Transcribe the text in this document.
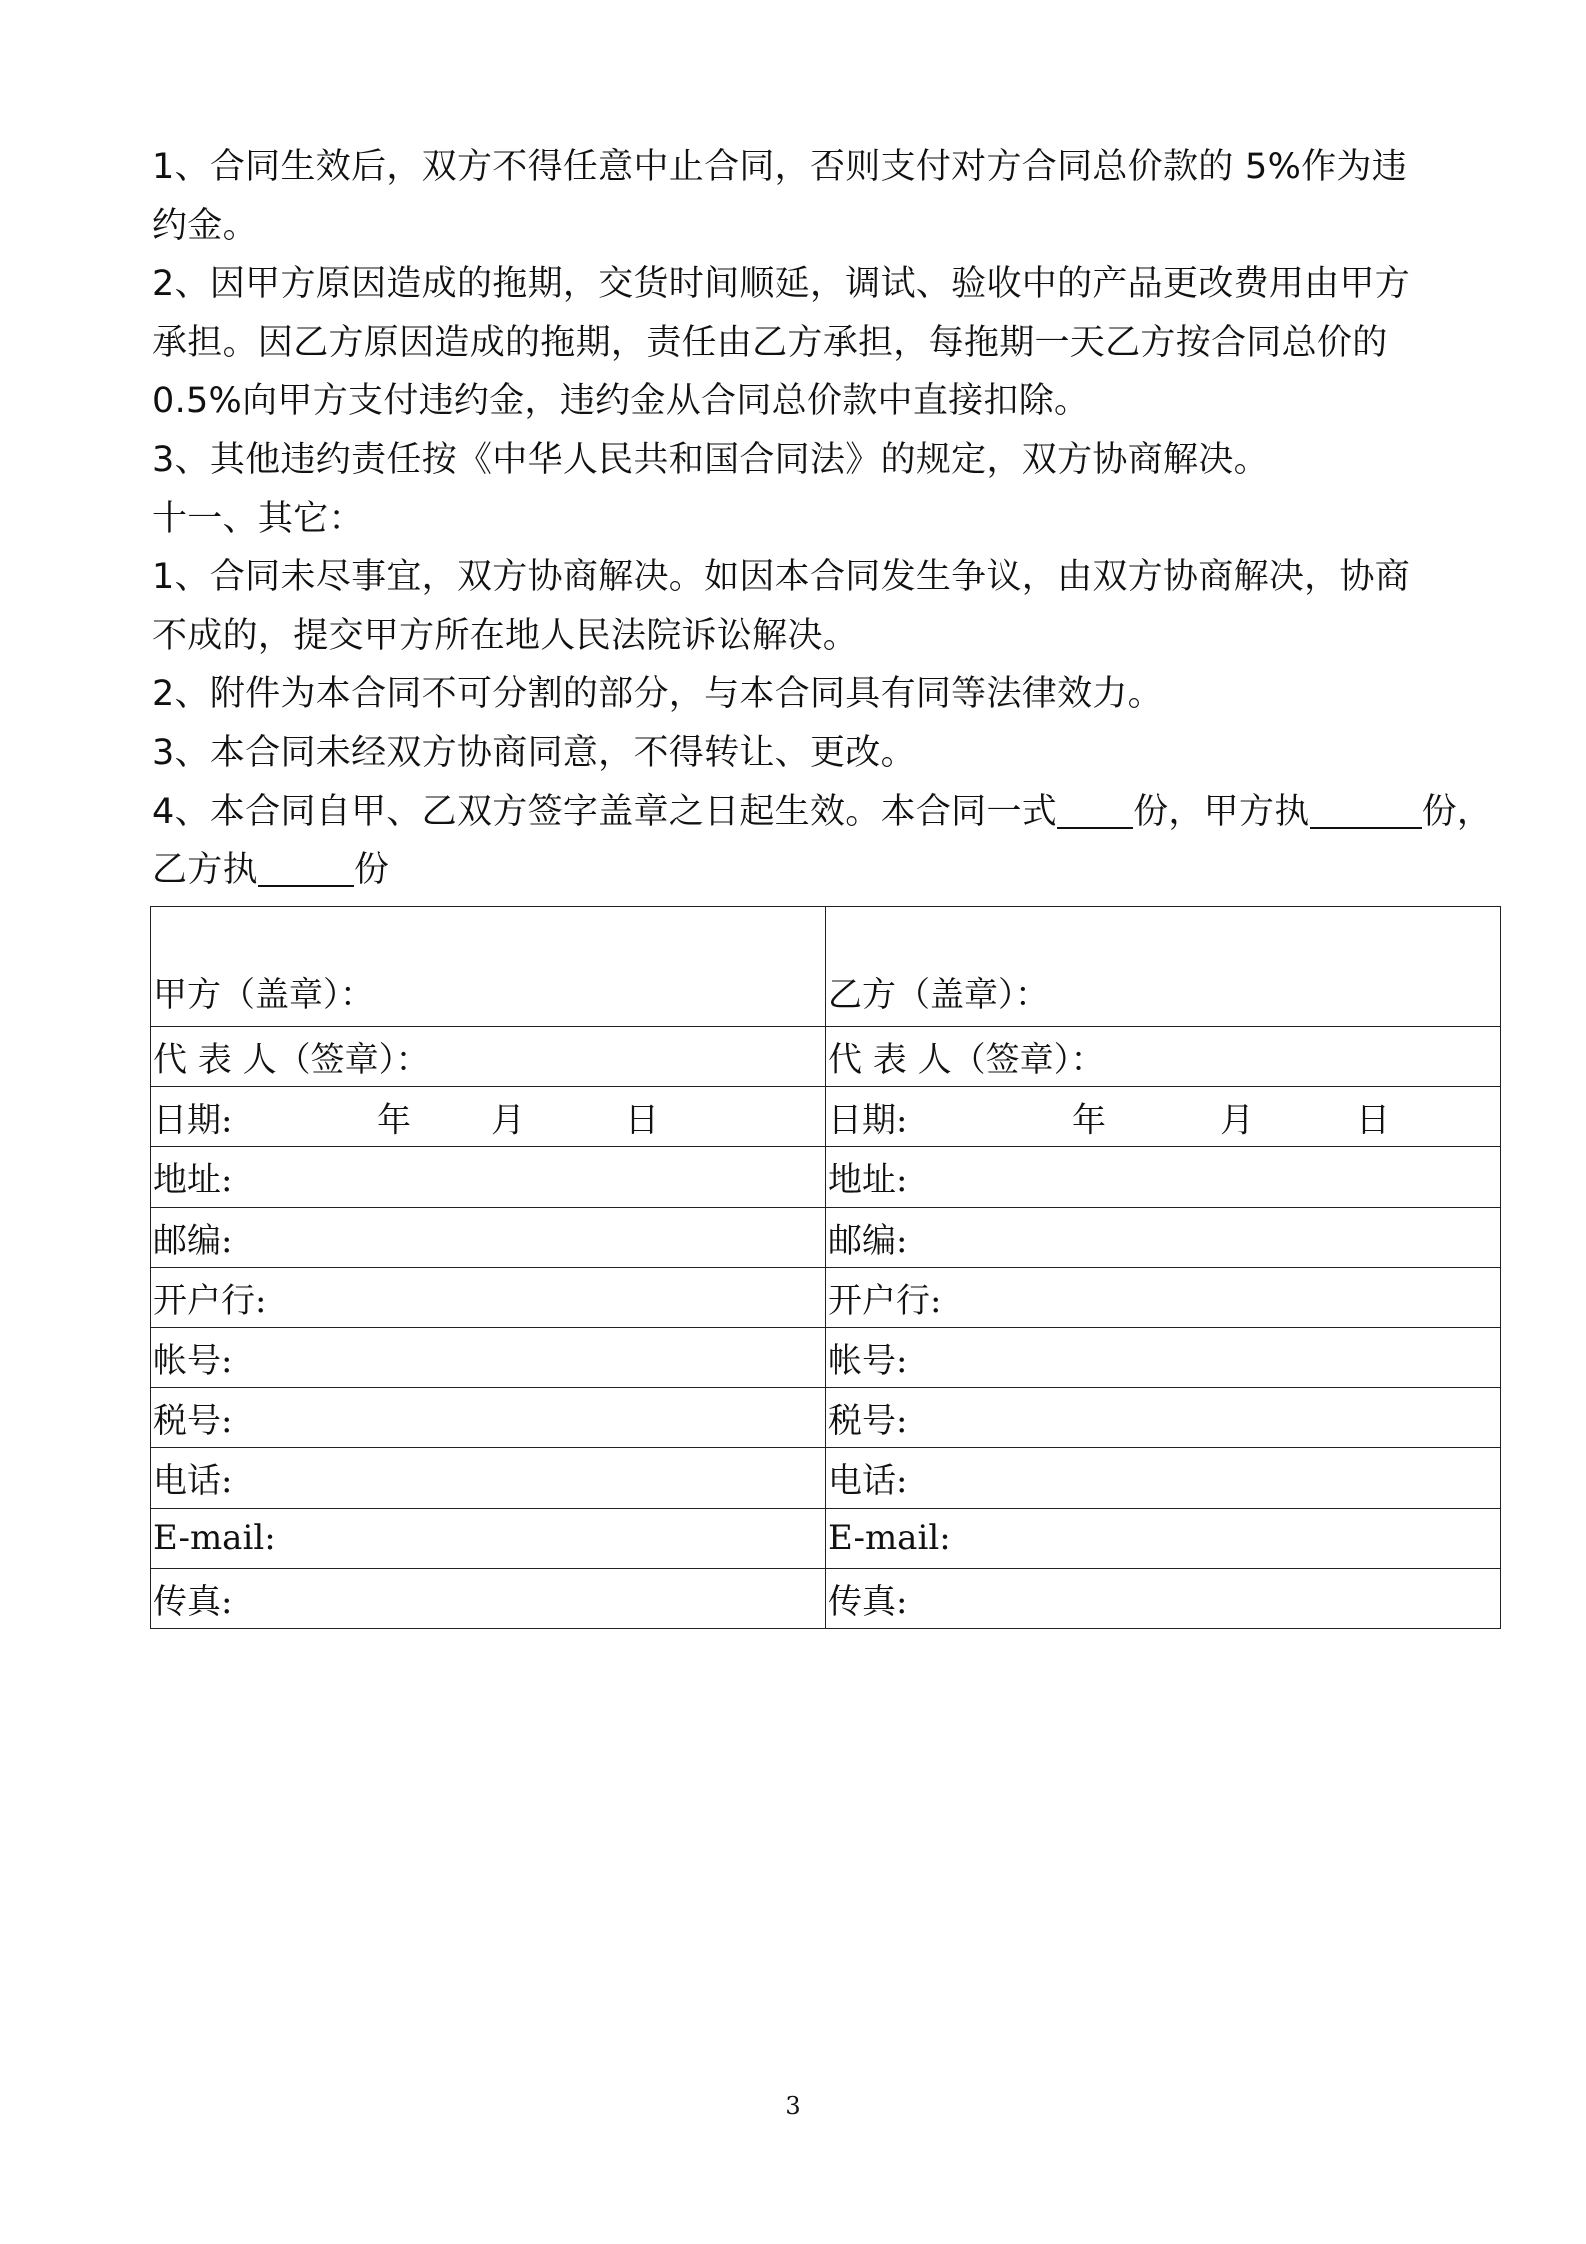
1、合同生效后，双方不得任意中止合同，否则支付对方合同总价款的 5%作为违
约金。
2、因甲方原因造成的拖期，交货时间顺延，调试、验收中的产品更改费用由甲方
承担。因乙方原因造成的拖期，责任由乙方承担，每拖期一天乙方按合同总价的
0.5%向甲方支付违约金，违约金从合同总价款中直接扣除。
3、其他违约责任按《中华人民共和国合同法》的规定，双方协商解决。
十一、其它：
1、合同未尽事宜，双方协商解决。如因本合同发生争议，由双方协商解决，协商
不成的，提交甲方所在地人民法院诉讼解决。
2、附件为本合同不可分割的部分，与本合同具有同等法律效力。
3、本合同未经双方协商同意，不得转让、更改。
4、本合同自甲、乙双方签字盖章之日起生效。本合同一式 份，甲方执	份，
乙方执	份
甲方（盖章）：	乙方（盖章）：
代 表 人（签章）：	代 表 人（签章）：

日期: 年 月 日	日期: 年 月 日

地址:	地址:
邮编:	邮编:
开户行:	开户行:
帐号:	帐号:
税号:	税号:
电话:	电话:
E-mail:	E-mail:
传真:	传真:
3
